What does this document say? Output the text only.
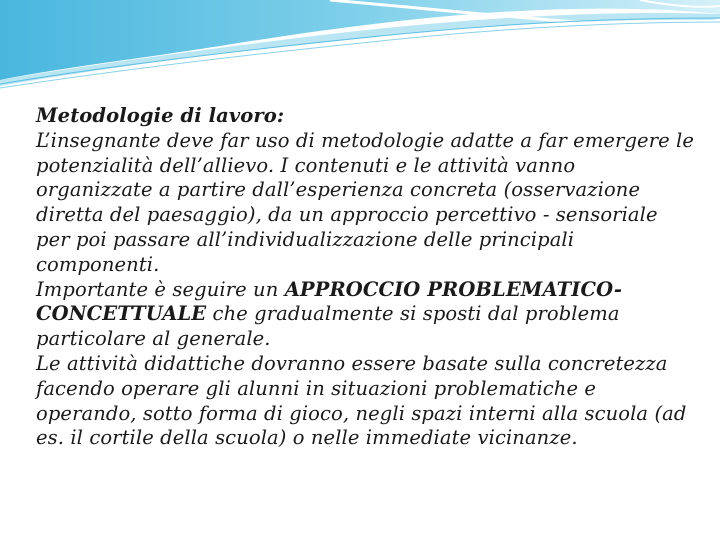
Metodologie di lavoro:
L’insegnante deve far uso di metodologie adatte a far emergere le potenzialità dell’allievo. I contenuti e le attività vanno organizzate a partire dall’esperienza concreta (osservazione diretta del paesaggio), da un approccio percettivo - sensoriale per poi passare all’individualizzazione delle principali componenti.
Importante è seguire un APPROCCIO PROBLEMATICO-CONCETTUALE che gradualmente si sposti dal problema particolare al generale.
Le attività didattiche dovranno essere basate sulla concretezza facendo operare gli alunni in situazioni problematiche e operando, sotto forma di gioco, negli spazi interni alla scuola (ad es. il cortile della scuola) o nelle immediate vicinanze.
